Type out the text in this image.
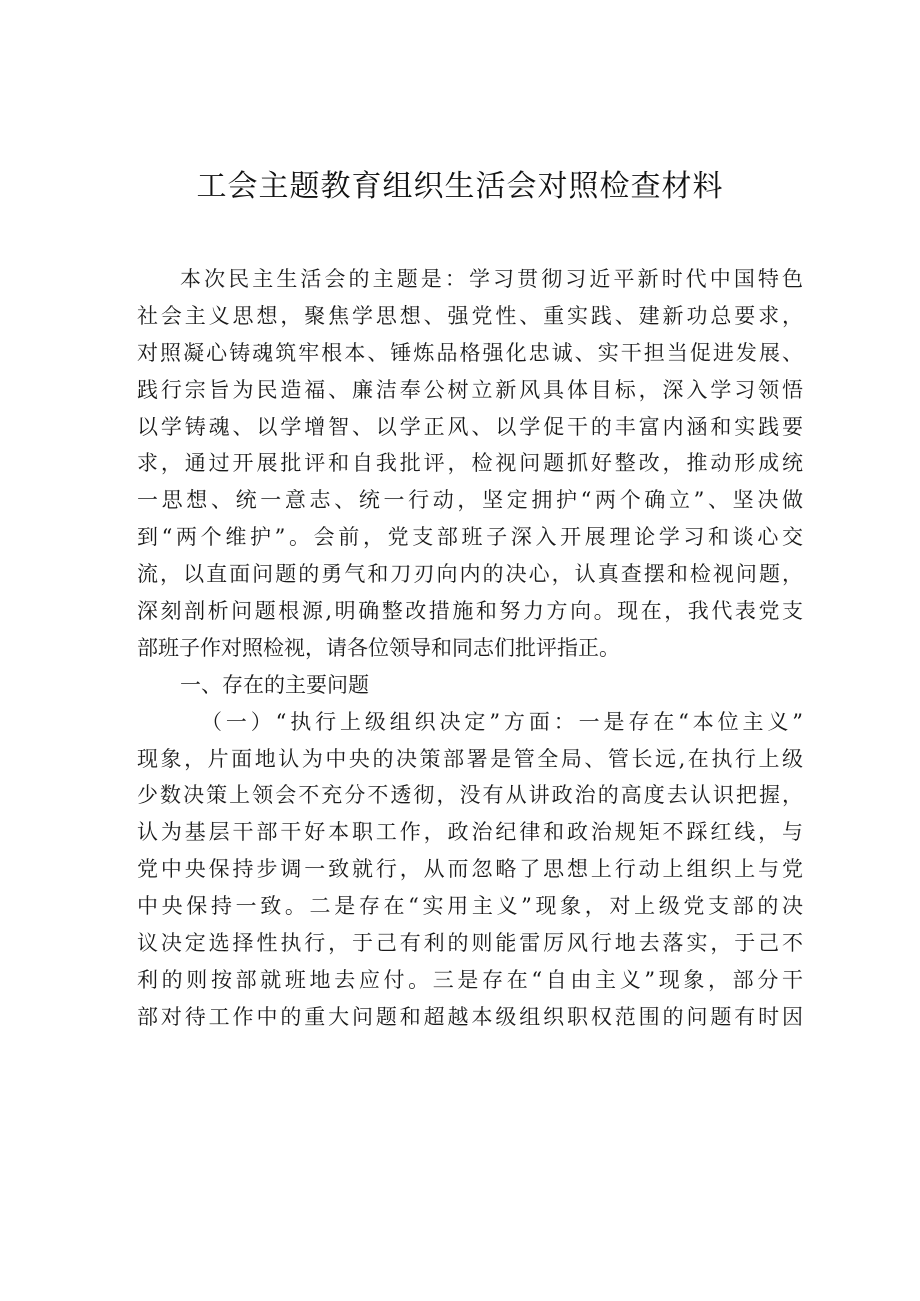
工会主题教育组织生活会对照检查材料
本次民主生活会的主题是：学习贯彻习近平新时代中国特色
社会主义思想，聚焦学思想、强党性、重实践、建新功总要求，
对照凝心铸魂筑牢根本、锤炼品格强化忠诚、实干担当促进发展、
践行宗旨为民造福、廉洁奉公树立新风具体目标，深入学习领悟
以学铸魂、以学增智、以学正风、以学促干的丰富内涵和实践要
求，通过开展批评和自我批评，检视问题抓好整改，推动形成统
一思想、统一意志、统一行动，坚定拥护“两个确立”、坚决做
到“两个维护”。会前，党支部班子深入开展理论学习和谈心交
流，以直面问题的勇气和刀刃向内的决心，认真查摆和检视问题，
深刻剖析问题根源,明确整改措施和努力方向。现在，我代表党支
部班子作对照检视，请各位领导和同志们批评指正。
一、存在的主要问题
（一）“执行上级组织决定”方面：一是存在“本位主义”
现象，片面地认为中央的决策部署是管全局、管长远,在执行上级
少数决策上领会不充分不透彻，没有从讲政治的高度去认识把握，
认为基层干部干好本职工作，政治纪律和政治规矩不踩红线，与
党中央保持步调一致就行，从而忽略了思想上行动上组织上与党
中央保持一致。二是存在“实用主义”现象，对上级党支部的决
议决定选择性执行，于己有利的则能雷厉风行地去落实，于己不
利的则按部就班地去应付。三是存在“自由主义”现象，部分干
部对待工作中的重大问题和超越本级组织职权范围的问题有时因
